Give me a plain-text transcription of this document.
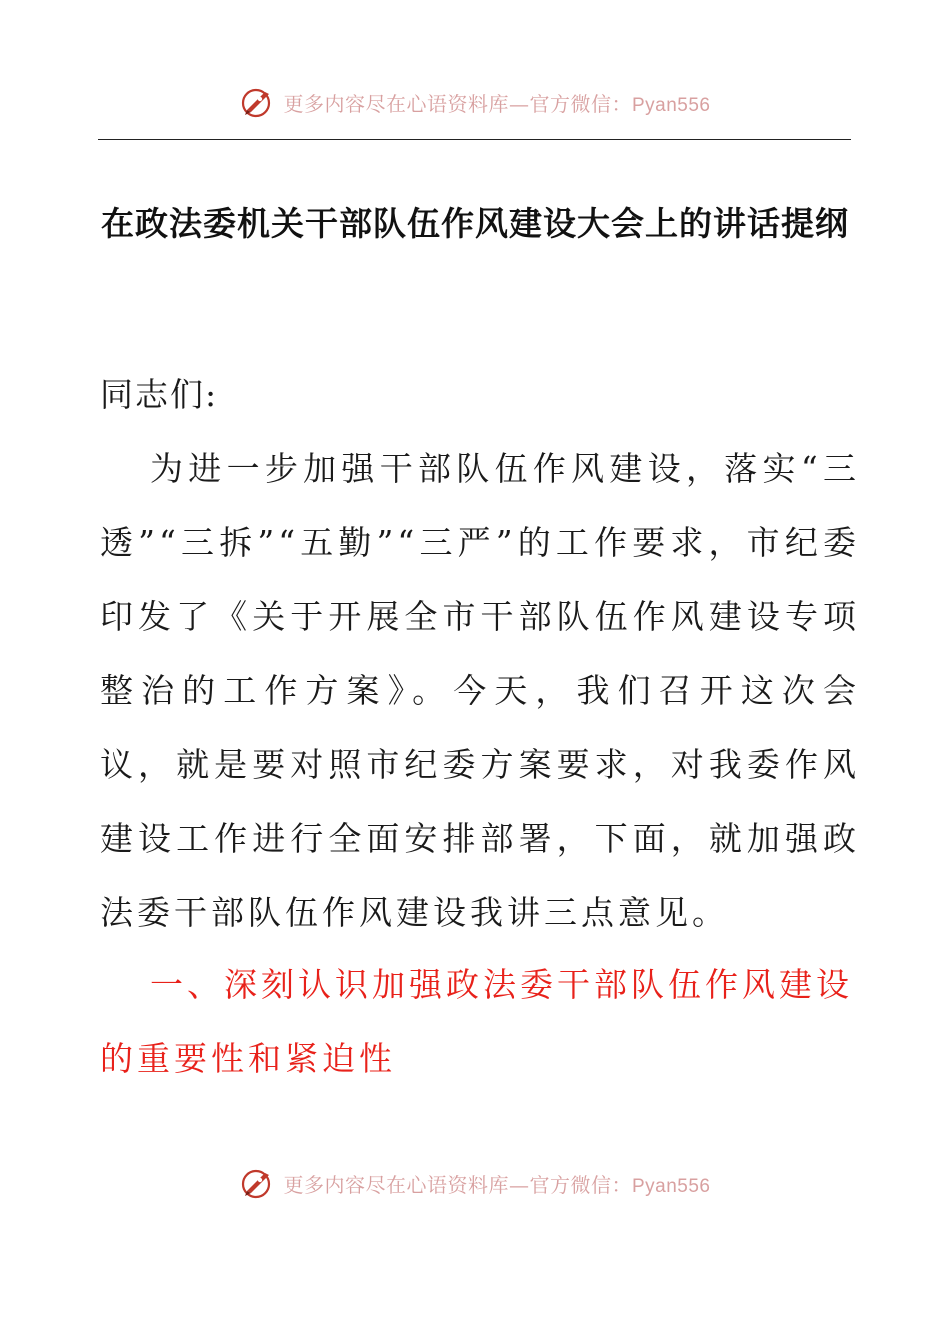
更多内容尽在心语资料库—官方微信：Pyan556
在政法委机关干部队伍作风建设大会上的讲话提纲

同志们:

为进一步加强干部队伍作风建设，落实“三透”“三拆”“五勤”“三严”的工作要求，市纪委印发了《关于开展全市干部队伍作风建设专项整治的工作方案》。今天，我们召开这次会议，就是要对照市纪委方案要求，对我委作风建设工作进行全面安排部署，下面，就加强政法委干部队伍作风建设我讲三点意见。

一、深刻认识加强政法委干部队伍作风建设的重要性和紧迫性

更多内容尽在心语资料库—官方微信：Pyan556
